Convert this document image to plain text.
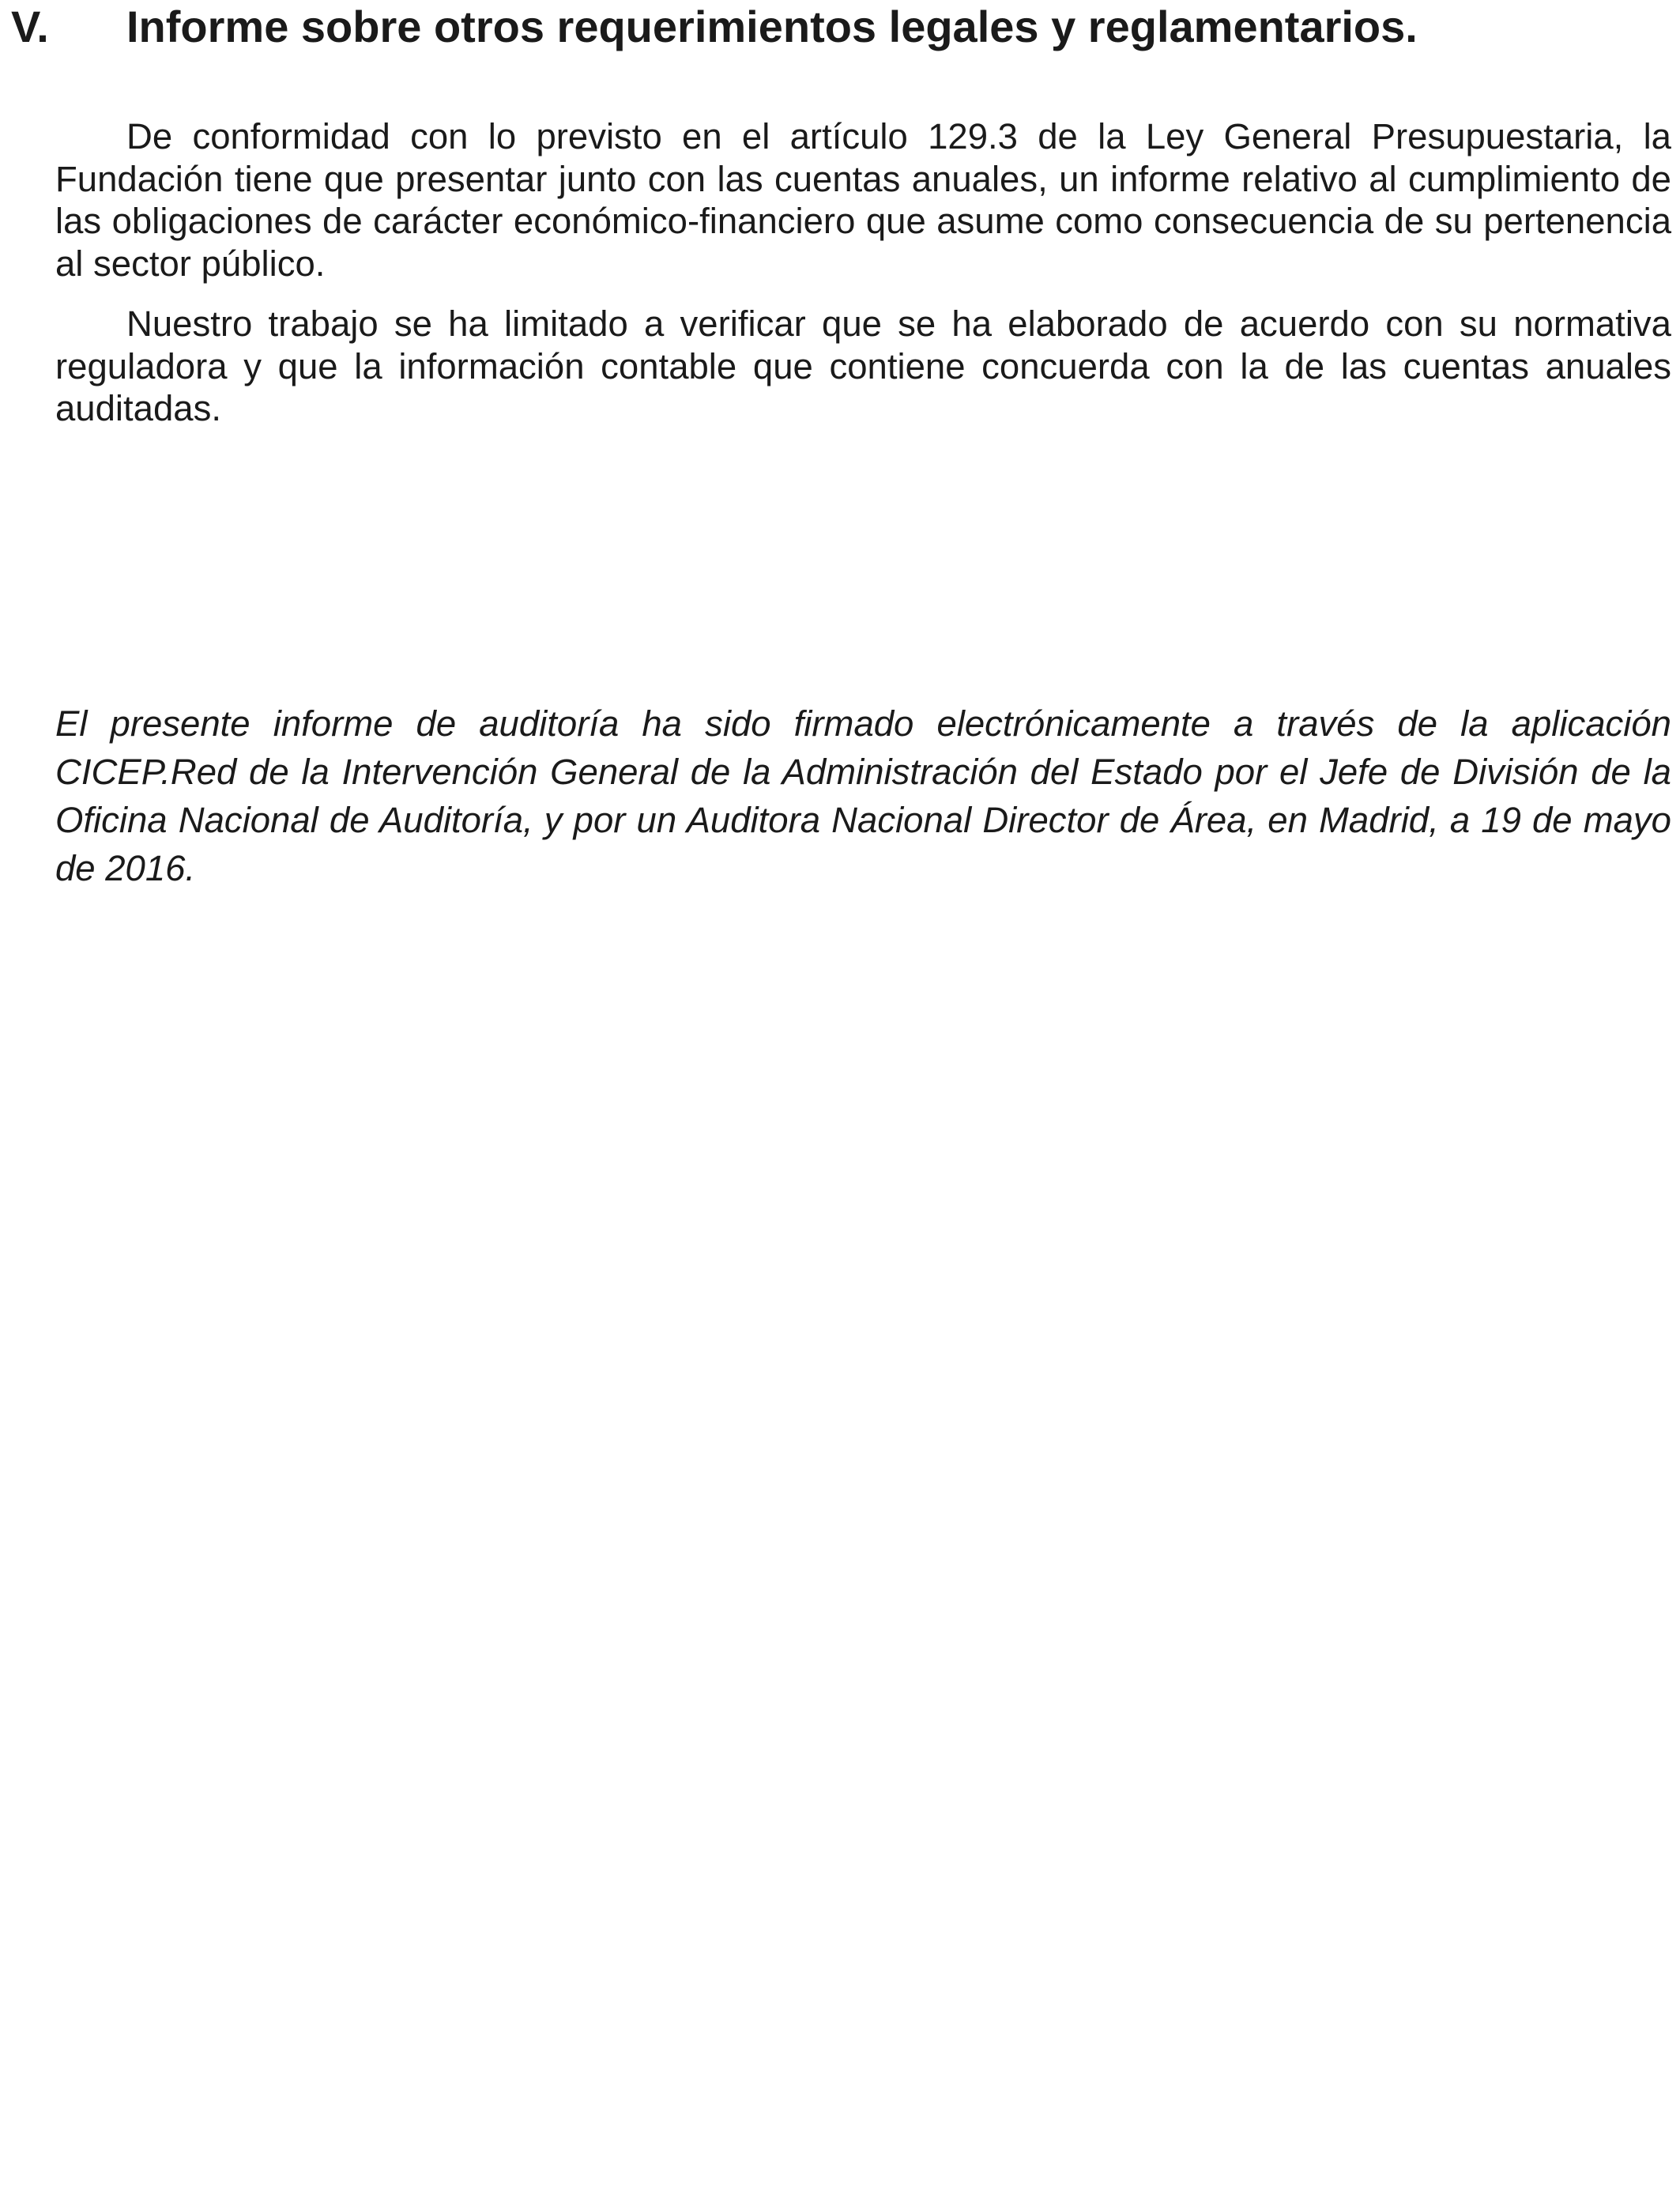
V. Informe sobre otros requerimientos legales y reglamentarios.

De conformidad con lo previsto en el artículo 129.3 de la Ley General Presupuestaria, la Fundación tiene que presentar junto con las cuentas anuales, un informe relativo al cumplimiento de las obligaciones de carácter económico-financiero que asume como consecuencia de su pertenencia al sector público.

Nuestro trabajo se ha limitado a verificar que se ha elaborado de acuerdo con su normativa reguladora y que la información contable que contiene concuerda con la de las cuentas anuales auditadas.

El presente informe de auditoría ha sido firmado electrónicamente a través de la aplicación CICEP.Red de la Intervención General de la Administración del Estado por el Jefe de División de la Oficina Nacional de Auditoría, y por un Auditora Nacional Director de Área, en Madrid, a 19 de mayo de 2016.
